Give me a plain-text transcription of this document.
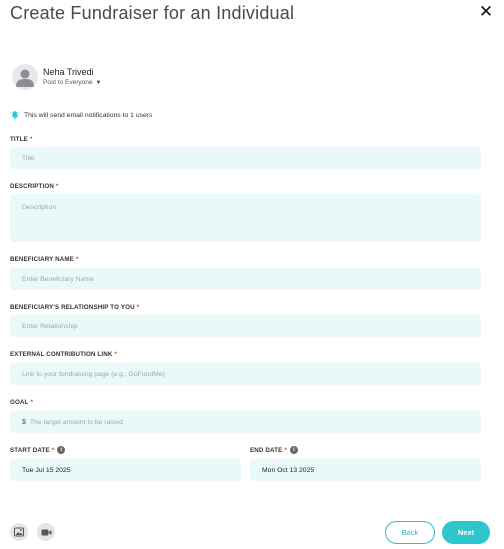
Create Fundraiser for an Individual	✕
Neha Trivedi
Post to Everyone ▼
This will send email notifications to 1 users
TITLE *
Title
DESCRIPTION *
Description
BENEFICIARY NAME *
Enter Beneficiary Name
BENEFICIARY'S RELATIONSHIP TO YOU *
Enter Relationship
EXTERNAL CONTRIBUTION LINK *
Link to your fundraising page (e.g., GoFundMe)
GOAL *
$ The target amount to be raised
START DATE *	i
Tue Jul 15 2025
END DATE *	i
Mon Oct 13 2025
Back	Next
